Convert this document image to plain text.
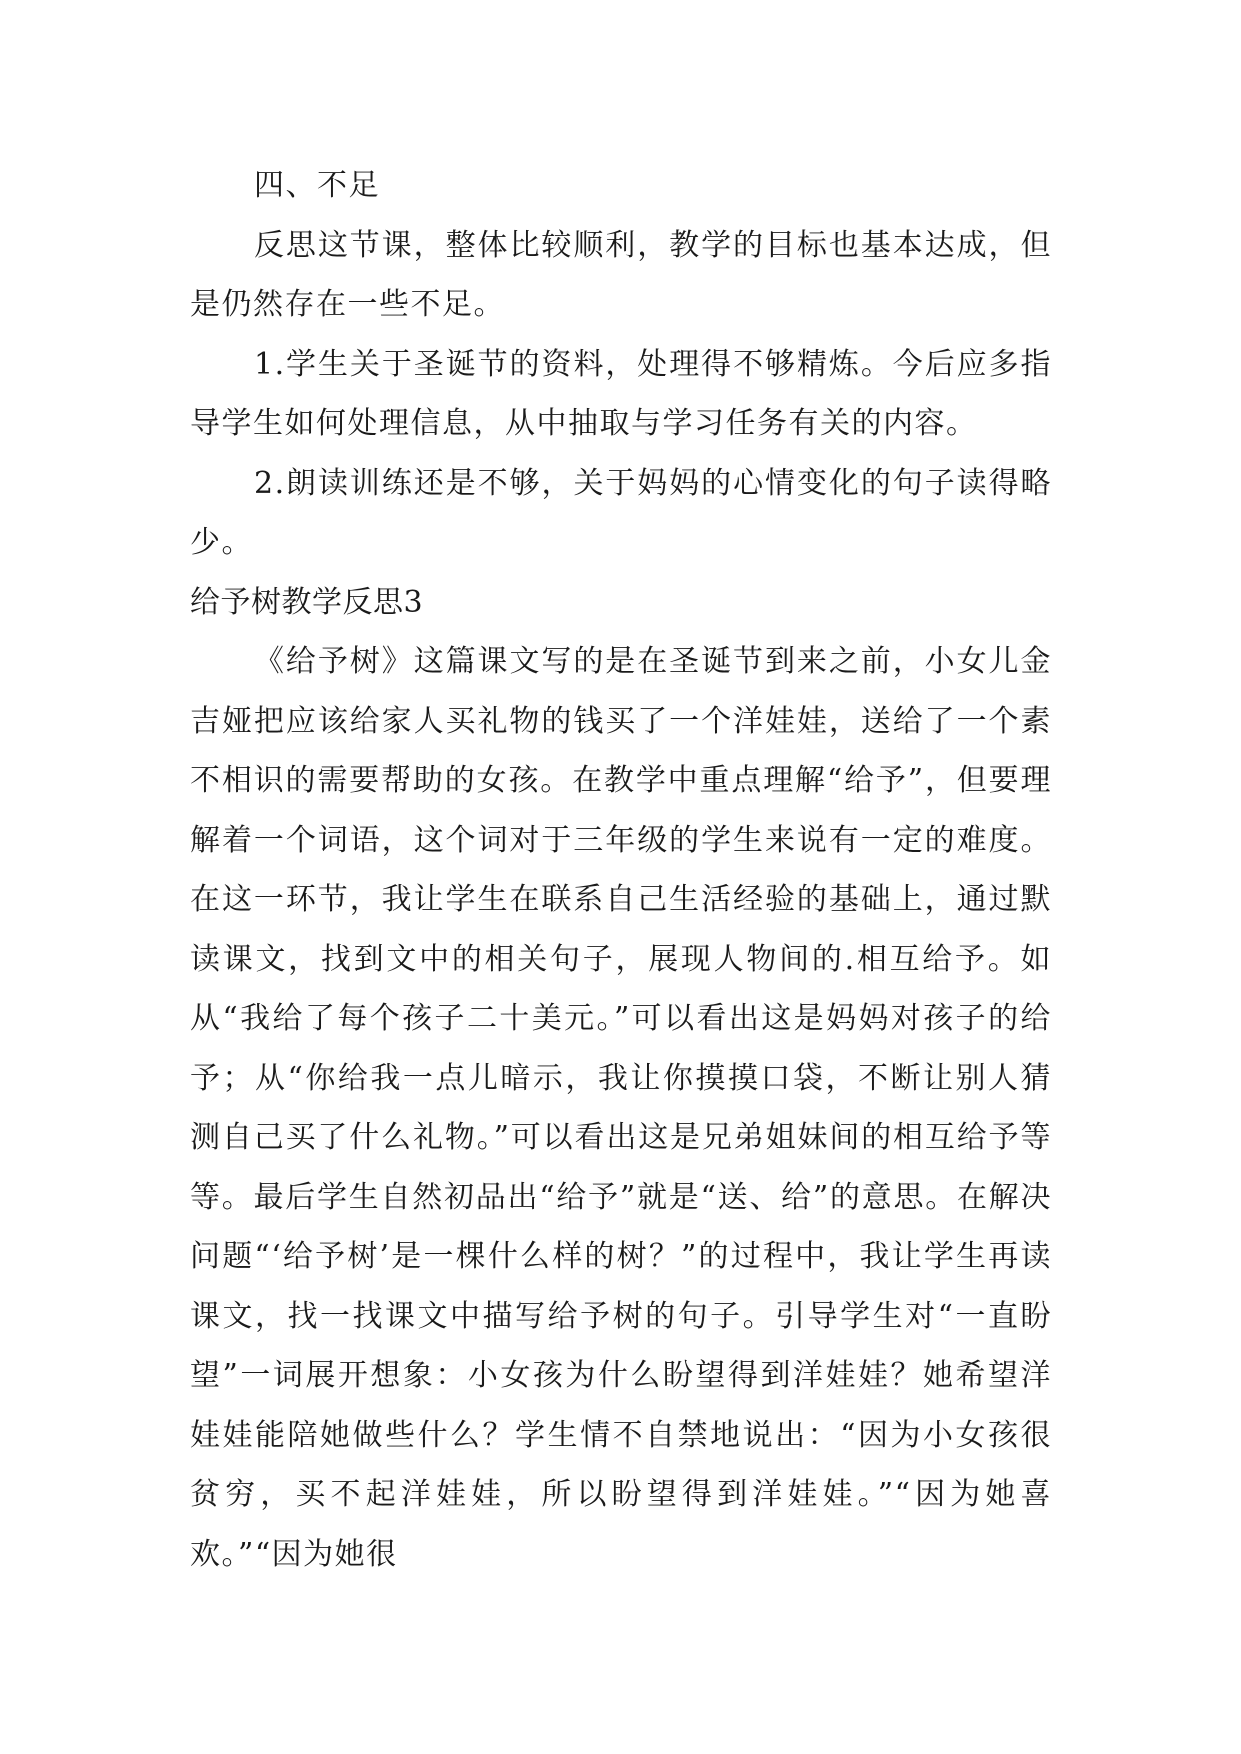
四、不足

反思这节课，整体比较顺利，教学的目标也基本达成，但是仍然存在一些不足。

1.学生关于圣诞节的资料，处理得不够精炼。今后应多指导学生如何处理信息，从中抽取与学习任务有关的内容。

2.朗读训练还是不够，关于妈妈的心情变化的句子读得略少。

给予树教学反思3

《给予树》这篇课文写的是在圣诞节到来之前，小女儿金吉娅把应该给家人买礼物的钱买了一个洋娃娃，送给了一个素不相识的需要帮助的女孩。在教学中重点理解“给予”，但要理解着一个词语，这个词对于三年级的学生来说有一定的难度。在这一环节，我让学生在联系自己生活经验的基础上，通过默读课文，找到文中的相关句子，展现人物间的.相互给予。如从“我给了每个孩子二十美元。”可以看出这是妈妈对孩子的给予；从“你给我一点儿暗示，我让你摸摸口袋，不断让别人猜测自己买了什么礼物。”可以看出这是兄弟姐妹间的相互给予等等。最后学生自然初品出“给予”就是“送、给”的意思。在解决问题“‘给予树’是一棵什么样的树？”的过程中，我让学生再读课文，找一找课文中描写给予树的句子。引导学生对“一直盼望”一词展开想象：小女孩为什么盼望得到洋娃娃？她希望洋娃娃能陪她做些什么？学生情不自禁地说出：“因为小女孩很贫穷，买不起洋娃娃，所以盼望得到洋娃娃。”“因为她喜欢。”“因为她很
